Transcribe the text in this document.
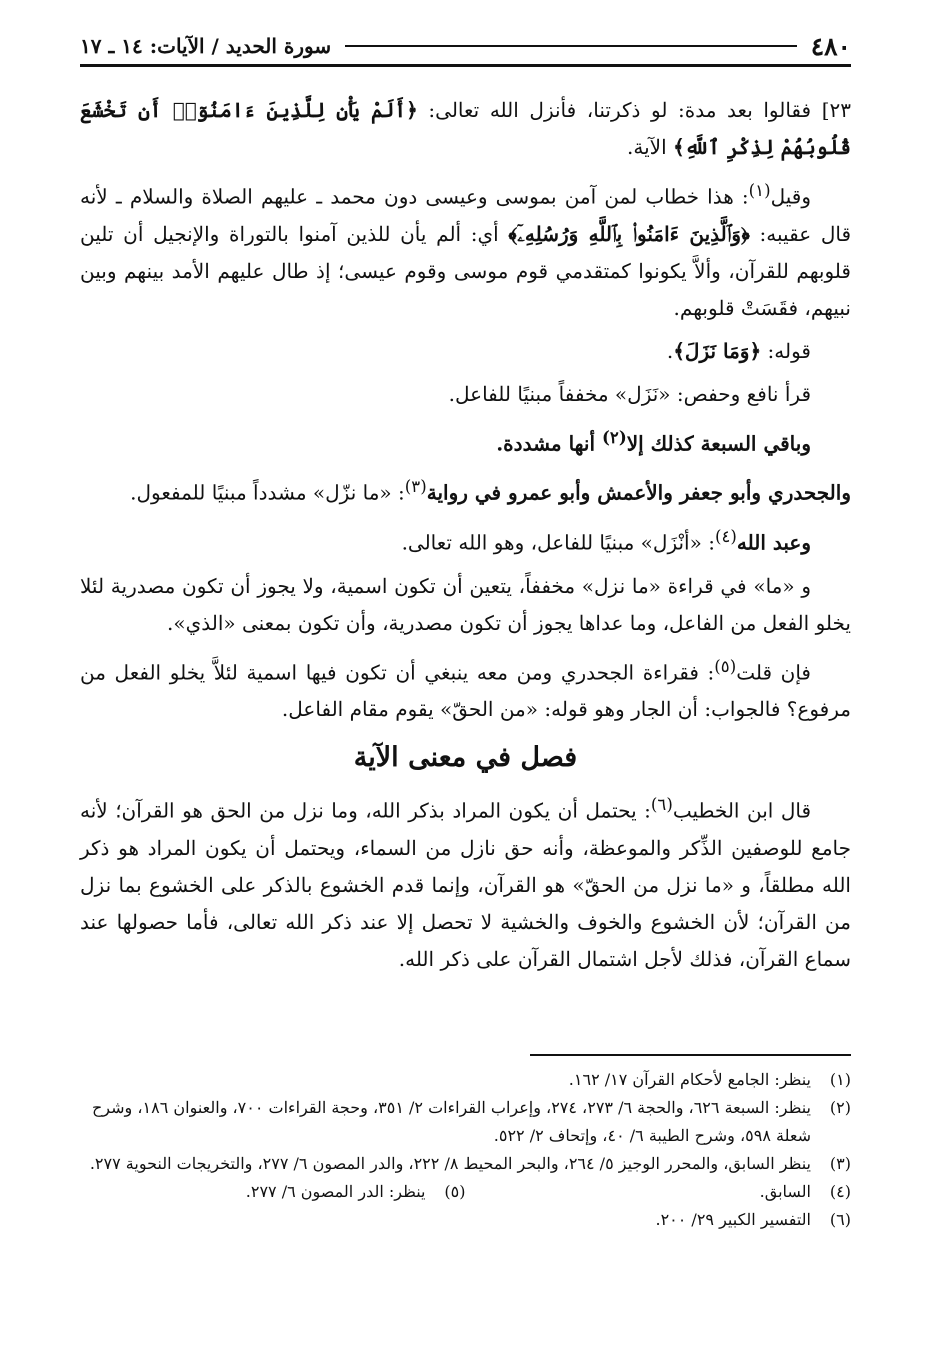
٤٨٠
سورة الحديد / الآيات: ١٤ ـ ١٧

٢٣] فقالوا بعد مدة: لو ذكرتنا، فأنزل الله تعالى: ﴿أَلَمْ يَأْنِ لِلَّذِينَ ءَامَنُوٓا۟ أَن تَخْشَعَ قُلُوبُهُمْ لِذِكْرِ ٱللَّهِ﴾ الآية.

وقيل$^{(١)}$: هذا خطاب لمن آمن بموسى وعيسى دون محمد ـ عليهم الصلاة والسلام ـ لأنه قال عقيبه: ﴿وَٱلَّذِينَ ءَامَنُوا۟ بِٱللَّهِ وَرُسُلِهِۦٓ﴾ أي: ألم يأن للذين آمنوا بالتوراة والإنجيل أن تلين قلوبهم للقرآن، وألاَّ يكونوا كمتقدمي قوم موسى وقوم عيسى؛ إذ طال عليهم الأمد بينهم وبين نبيهم، فقَسَتْ قلوبهم.

قوله: ﴿وَمَا نَزَلَ﴾.

قرأ نافع وحفص: «نَزَل» مخففاً مبنيًا للفاعل.

وباقي السبعة كذلك إلا$^{(٢)}$ أنها مشددة.

والجحدري وأبو جعفر والأعمش وأبو عمرو في رواية$^{(٣)}$: «ما نزّل» مشدداً مبنيًا للمفعول.

وعبد الله$^{(٤)}$: «أنْزَل» مبنيًا للفاعل، وهو الله تعالى.

و «ما» في قراءة «ما نزل» مخففاً، يتعين أن تكون اسمية، ولا يجوز أن تكون مصدرية لئلا يخلو الفعل من الفاعل، وما عداها يجوز أن تكون مصدرية، وأن تكون بمعنى «الذي».

فإن قلت$^{(٥)}$: فقراءة الجحدري ومن معه ينبغي أن تكون فيها اسمية لئلاَّ يخلو الفعل من مرفوع؟ فالجواب: أن الجار وهو قوله: «من الحقّ» يقوم مقام الفاعل.

فصل في معنى الآية

قال ابن الخطيب$^{(٦)}$: يحتمل أن يكون المراد بذكر الله، وما نزل من الحق هو القرآن؛ لأنه جامع للوصفين الذِّكر والموعظة، وأنه حق نازل من السماء، ويحتمل أن يكون المراد هو ذكر الله مطلقاً، و «ما نزل من الحقّ» هو القرآن، وإنما قدم الخشوع بالذكر على الخشوع بما نزل من القرآن؛ لأن الخشوع والخوف والخشية لا تحصل إلا عند ذكر الله تعالى، فأما حصولها عند سماع القرآن، فذلك لأجل اشتمال القرآن على ذكر الله.

(١)
ينظر: الجامع لأحكام القرآن ١٧/ ١٦٢.
(٢)
ينظر: السبعة ٦٢٦، والحجة ٦/ ٢٧٣، ٢٧٤، وإعراب القراءات ٢/ ٣٥١، وحجة القراءات ٧٠٠، والعنوان ١٨٦، وشرح شعلة ٥٩٨، وشرح الطيبة ٦/ ٤٠، وإتحاف ٢/ ٥٢٢.
(٣)
ينظر السابق، والمحرر الوجيز ٥/ ٢٦٤، والبحر المحيط ٨/ ٢٢٢، والدر المصون ٦/ ٢٧٧، والتخريجات النحوية ٢٧٧.
(٤)
السابق.
(٥)
ينظر: الدر المصون ٦/ ٢٧٧.
(٦)
التفسير الكبير ٢٩/ ٢٠٠.
